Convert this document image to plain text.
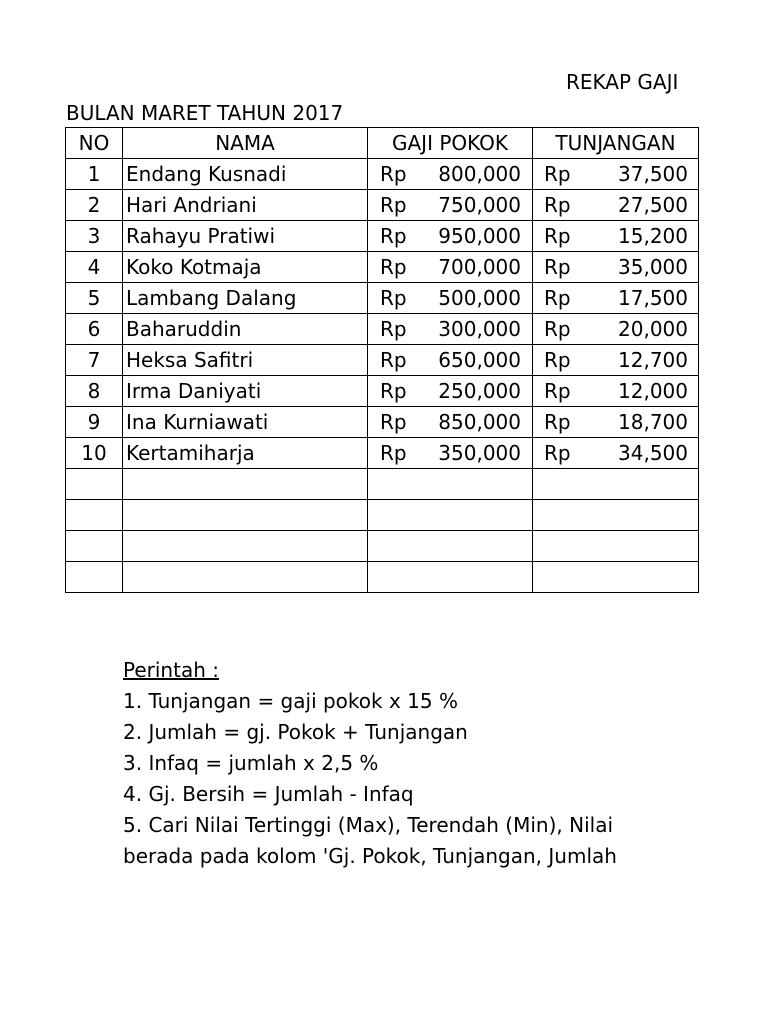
REKAP GAJI
BULAN MARET TAHUN 2017
NO	NAMA	GAJI POKOK	TUNJANGAN
1	Endang Kusnadi	Rp 800,000	Rp 37,500

2	Hari Andriani	Rp 750,000	Rp 27,500

3	Rahayu Pratiwi	Rp 950,000	Rp 15,200

4	Koko Kotmaja	Rp 700,000	Rp 35,000

5	Lambang Dalang	Rp 500,000	Rp 17,500

6	Baharuddin	Rp 300,000	Rp 20,000

7	Heksa Safitri	Rp 650,000	Rp 12,700

8	Irma Daniyati	Rp 250,000	Rp 12,000

9	Ina Kurniawati	Rp 850,000	Rp 18,700

10	Kertamiharja	Rp 350,000	Rp 34,500

Perintah :
1. Tunjangan = gaji pokok x 15 %
2. Jumlah = gj. Pokok + Tunjangan
3. Infaq = jumlah x 2,5 %
4. Gj. Bersih = Jumlah - Infaq
5. Cari Nilai Tertinggi (Max), Terendah (Min), Nilai
berada pada kolom 'Gj. Pokok, Tunjangan, Jumlah
